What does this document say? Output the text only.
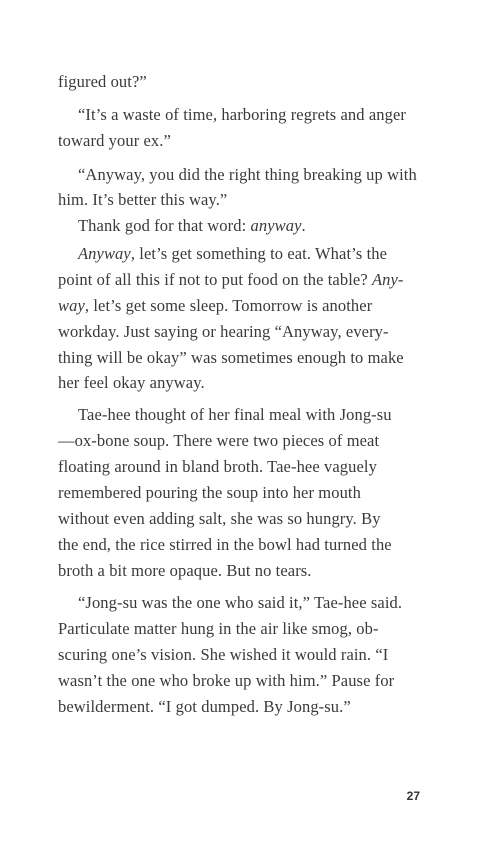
figured out?”
“It’s a waste of time, harboring regrets and anger
toward your ex.”
“Anyway, you did the right thing breaking up with
him. It’s better this way.”
Thank god for that word: anyway.
Anyway, let’s get something to eat. What’s the
point of all this if not to put food on the table? Any-
way, let’s get some sleep. Tomorrow is another
workday. Just saying or hearing “Anyway, every-
thing will be okay” was sometimes enough to make
her feel okay anyway.
Tae-hee thought of her final meal with Jong-su
—ox-bone soup. There were two pieces of meat
floating around in bland broth. Tae-hee vaguely
remembered pouring the soup into her mouth
without even adding salt, she was so hungry. By
the end, the rice stirred in the bowl had turned the
broth a bit more opaque. But no tears.
“Jong-su was the one who said it,” Tae-hee said.
Particulate matter hung in the air like smog, ob-
scuring one’s vision. She wished it would rain. “I
wasn’t the one who broke up with him.” Pause for
bewilderment. “I got dumped. By Jong-su.”
27
